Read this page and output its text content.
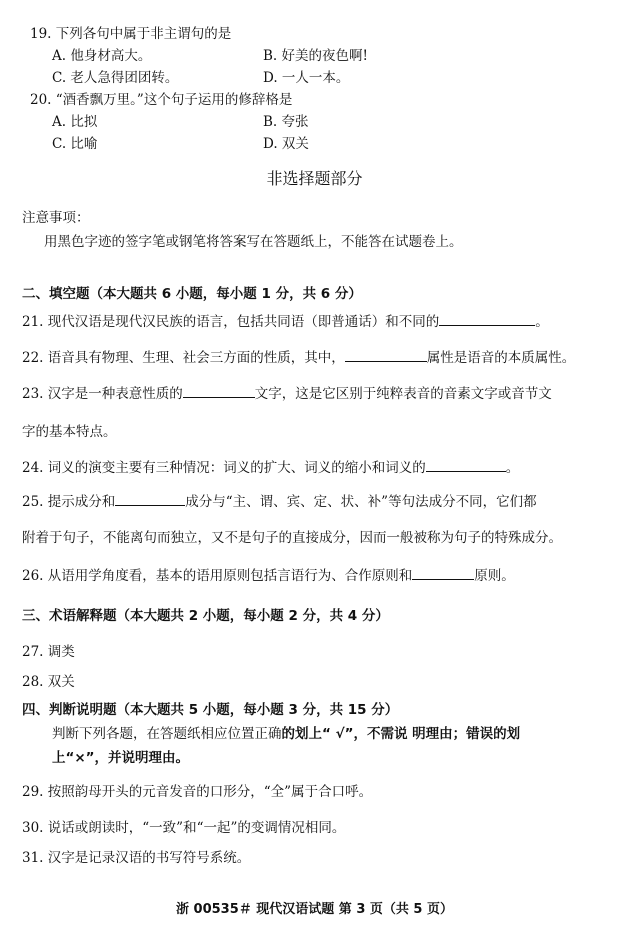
19. 下列各句中属于非主谓句的是
A. 他身材高大。	B. 好美的夜色啊!
C. 老人急得团团转。	D. 一人一本。
20. “酒香飘万里。”这个句子运用的修辞格是
A. 比拟	B. 夸张
C. 比喻	D. 双关
非选择题部分
注意事项：
用黑色字迹的签字笔或钢笔将答案写在答题纸上，不能答在试题卷上。
二、填空题（本大题共 6 小题，每小题 1 分，共 6 分）
21. 现代汉语是现代汉民族的语言，包括共同语（即普通话）和不同的	。
22. 语音具有物理、生理、社会三方面的性质，其中，	属性是语音的本质属性。
23. 汉字是一种表意性质的	文字，这是它区别于纯粹表音的音素文字或音节文
字的基本特点。
24. 词义的演变主要有三种情况：词义的扩大、词义的缩小和词义的	。
25. 提示成分和	成分与“主、谓、宾、定、状、补”等句法成分不同，它们都
附着于句子，不能离句而独立，又不是句子的直接成分，因而一般被称为句子的特殊成分。
26. 从语用学角度看，基本的语用原则包括言语行为、合作原则和	原则。
三、术语解释题（本大题共 2 小题，每小题 2 分，共 4 分）
27. 调类
28. 双关
四、判断说明题（本大题共 5 小题，每小题 3 分，共 15 分）
判断下列各题，在答题纸相应位置正确的划上“ √”，不需说 明理由；错误的划
上“×”，并说明理由。
29. 按照韵母开头的元音发音的口形分，“全”属于合口呼。
30. 说话或朗读时，“一致”和“一起”的变调情况相同。
31. 汉字是记录汉语的书写符号系统。
浙 00535＃ 现代汉语试题 第 3 页（共 5 页）
